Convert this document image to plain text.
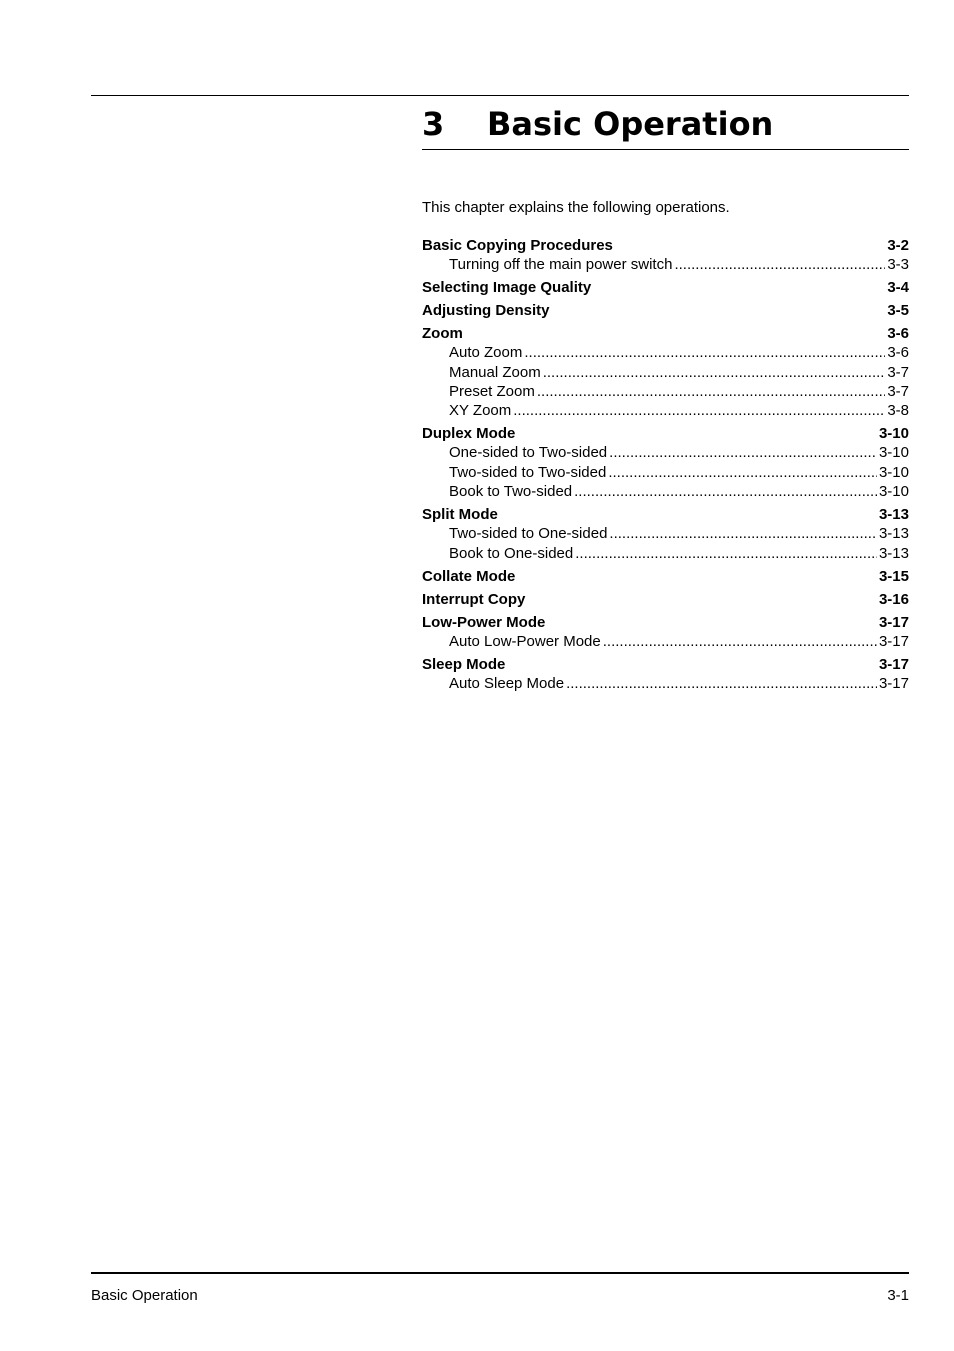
3 Basic Operation
This chapter explains the following operations.
Basic Copying Procedures	3-2
Turning off the main power switch .....	3-3
Selecting Image Quality	3-4
Adjusting Density	3-5
Zoom	3-6
Auto Zoom .....	3-6
Manual Zoom .....	3-7
Preset Zoom .....	3-7
XY Zoom .....	3-8
Duplex Mode	3-10
One-sided to Two-sided .....	3-10
Two-sided to Two-sided .....	3-10
Book to Two-sided .....	3-10
Split Mode	3-13
Two-sided to One-sided .....	3-13
Book to One-sided .....	3-13
Collate Mode	3-15
Interrupt Copy	3-16
Low-Power Mode	3-17
Auto Low-Power Mode .....	3-17
Sleep Mode	3-17
Auto Sleep Mode .....	3-17
Basic Operation	3-1
